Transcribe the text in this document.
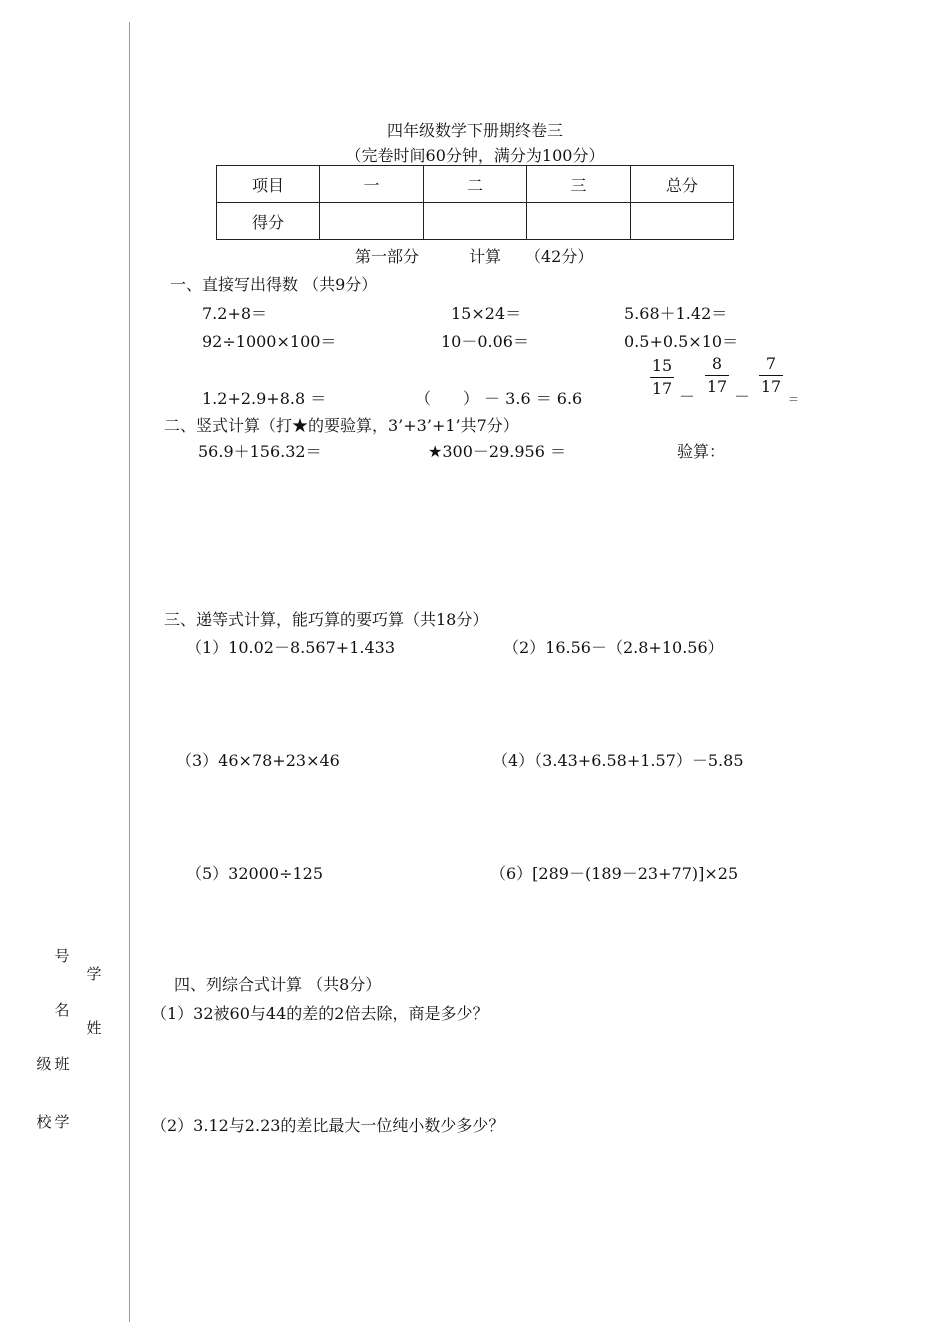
学
号
姓
名
班
级
学
校
四年级数学下册期终卷三
（完卷时间60分钟，满分为100分）
项目	一	二	三	总分
得分				
第一部分	计算 （42分）
一、直接写出得数 （共9分）
7.2+8＝	15×24＝	5.68＋1.42＝
92÷1000×100＝	10－0.06＝	0.5+0.5×10＝
1.2+2.9+8.8 ＝	（　　） － 3.6 ＝ 6.6
15
17 －
8
17
－
7
17
＝
二、竖式计算（打★的要验算，3’+3’+1’共7分）
56.9＋156.32＝	★300－29.956 ＝	验算：
三、递等式计算，能巧算的要巧算（共18分）
（1）10.02－8.567+1.433	（2）16.56－（2.8+10.56）
（3）46×78+23×46	（4）（3.43+6.58+1.57）－5.85
（5）32000÷125	（6）[289－(189－23+77)]×25
四、列综合式计算 （共8分）
（1）32被60与44的差的2倍去除，商是多少？
（2）3.12与2.23的差比最大一位纯小数少多少？
